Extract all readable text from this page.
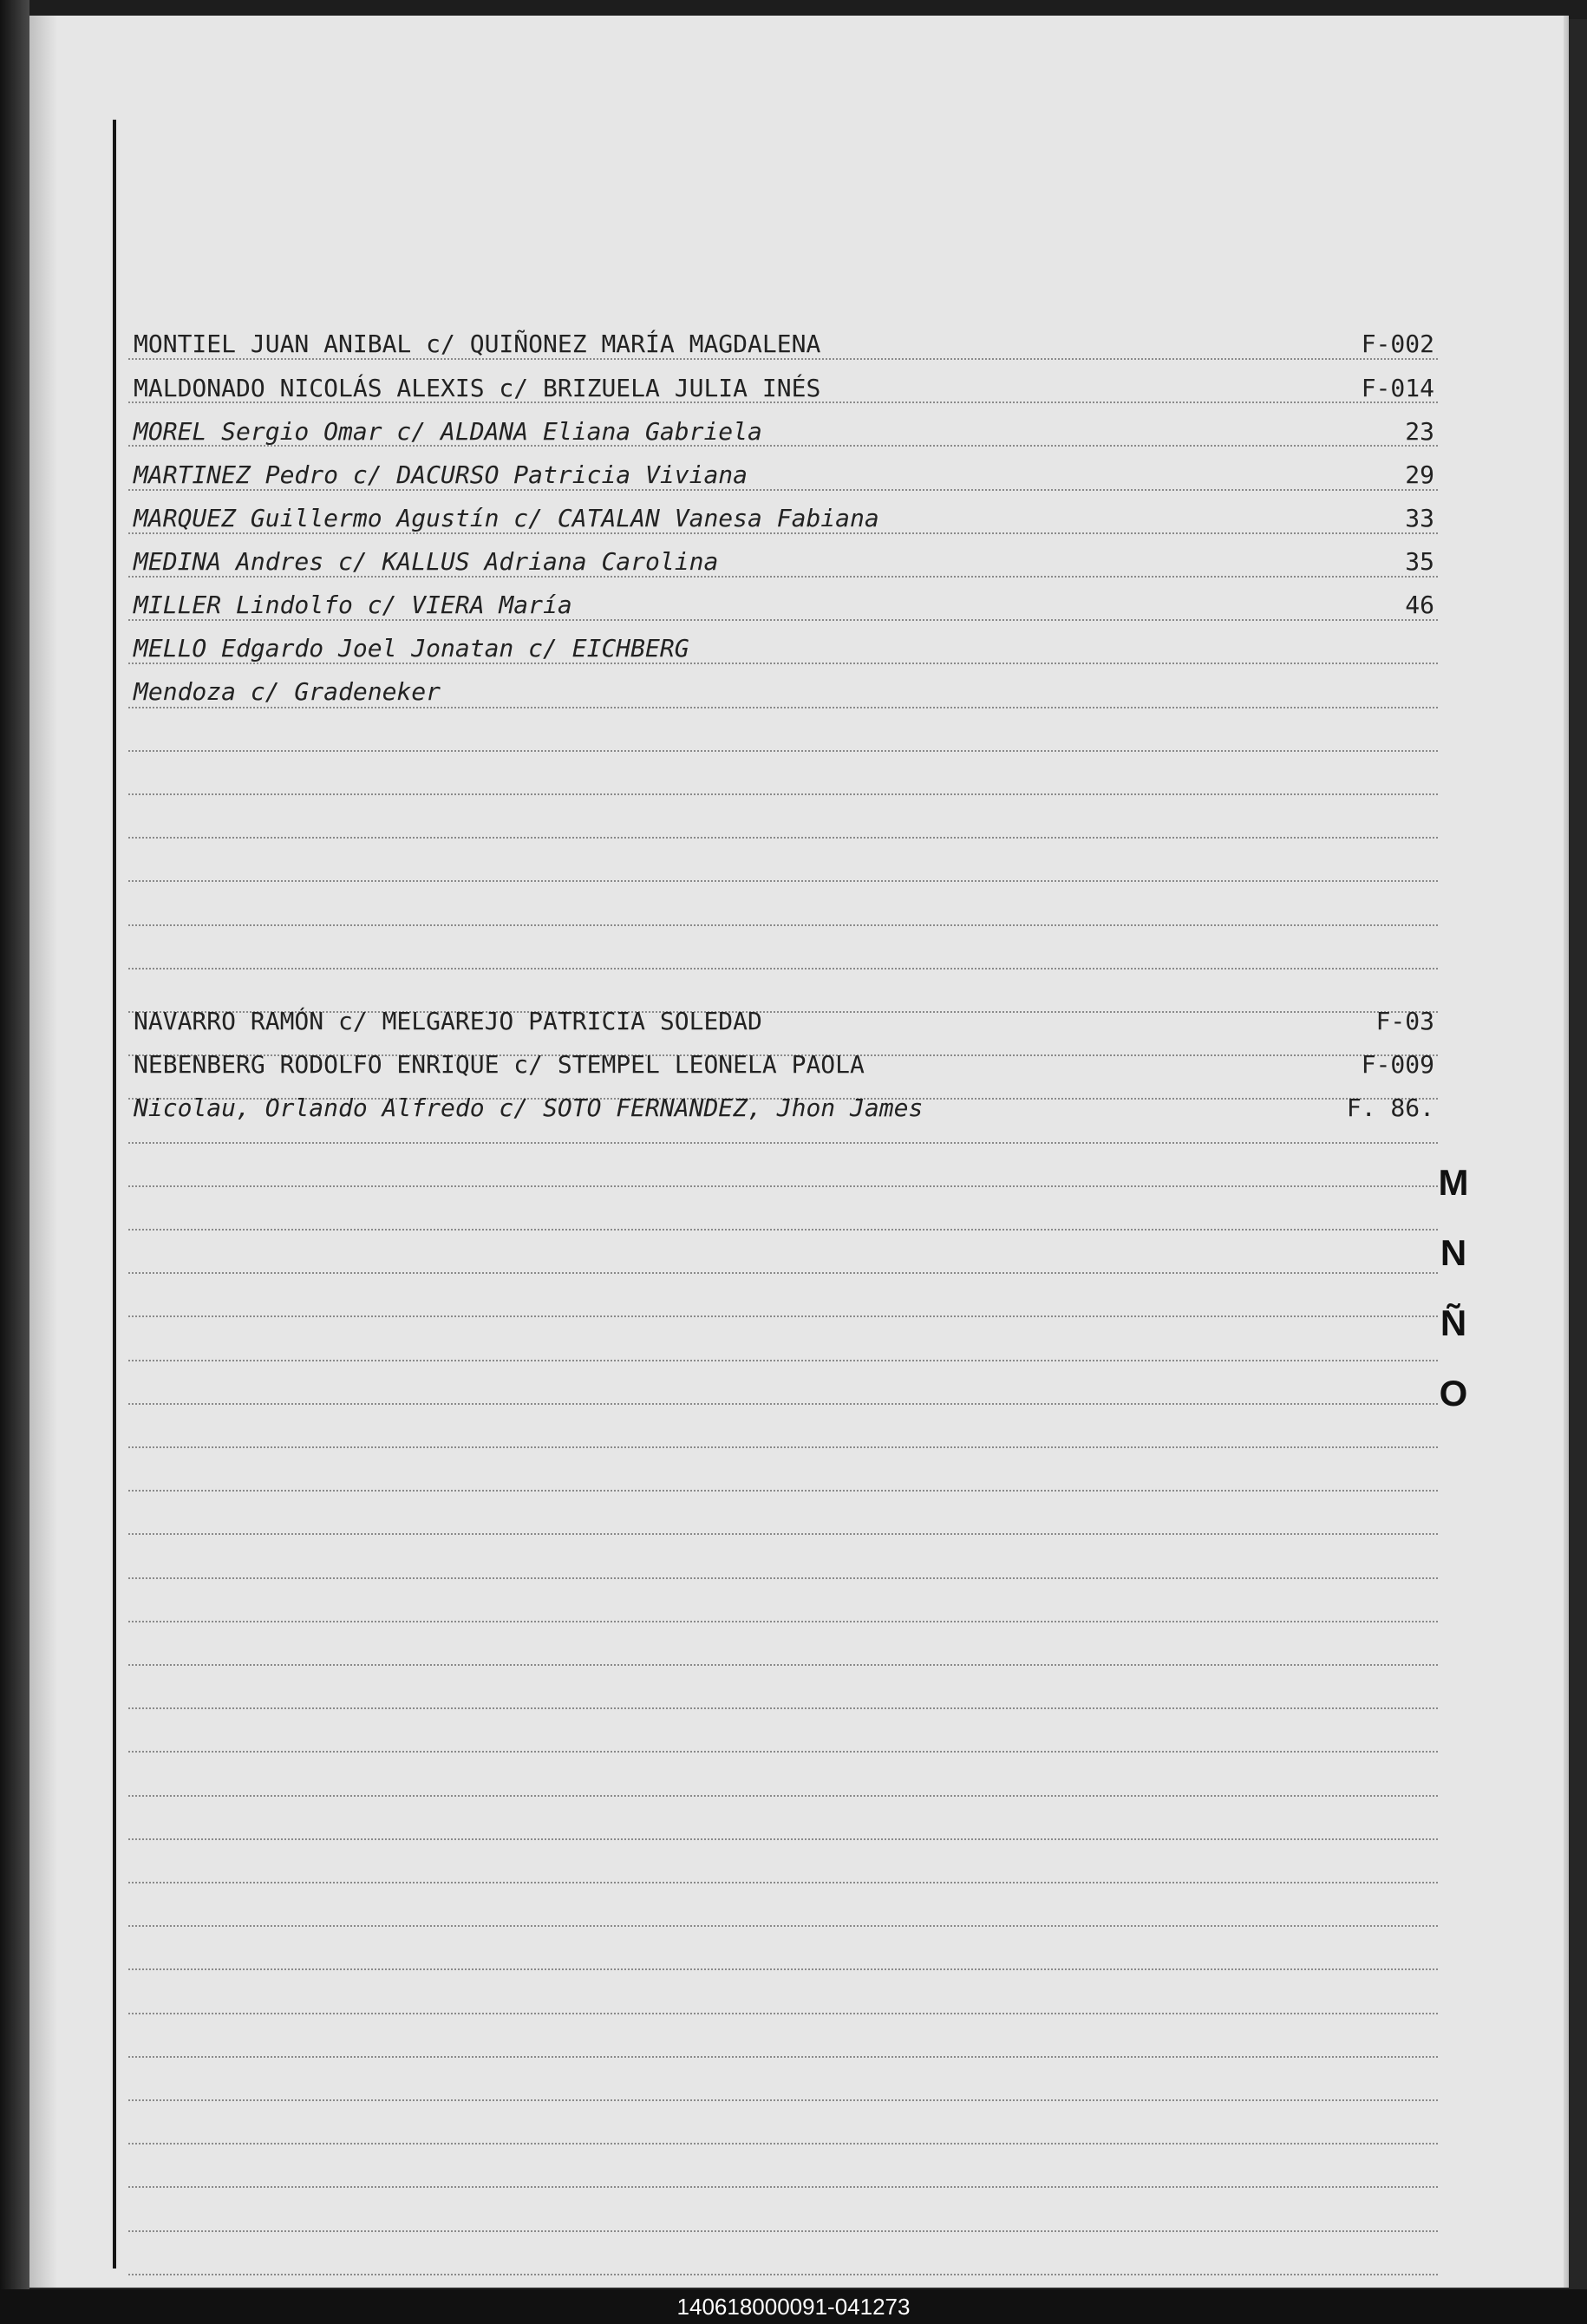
MONTIEL JUAN ANIBAL c/ QUIÑONEZ MARÍA MAGDALENA	F-002
MALDONADO NICOLÁS ALEXIS c/ BRIZUELA JULIA INÉS	F-014
MOREL Sergio Omar c/ ALDANA Eliana Gabriela	23
MARTINEZ Pedro c/ DACURSO Patricia Viviana	29
MARQUEZ Guillermo Agustín c/ CATALAN Vanesa Fabiana	33
MEDINA Andres c/ KALLUS Adriana Carolina	35
MILLER Lindolfo c/ VIERA María	46
MELLO Edgardo Joel Jonatan c/ EICHBERG
Mendoza c/ Gradeneker
NAVARRO RAMÓN c/ MELGAREJO PATRICIA SOLEDAD	F-03
NEBENBERG RODOLFO ENRIQUE c/ STEMPEL LEONELA PAOLA	F-009
Nicolau, Orlando Alfredo c/ SOTO FERNANDEZ, Jhon James	F. 86.
M
N
Ñ
O
140618000091-041273
